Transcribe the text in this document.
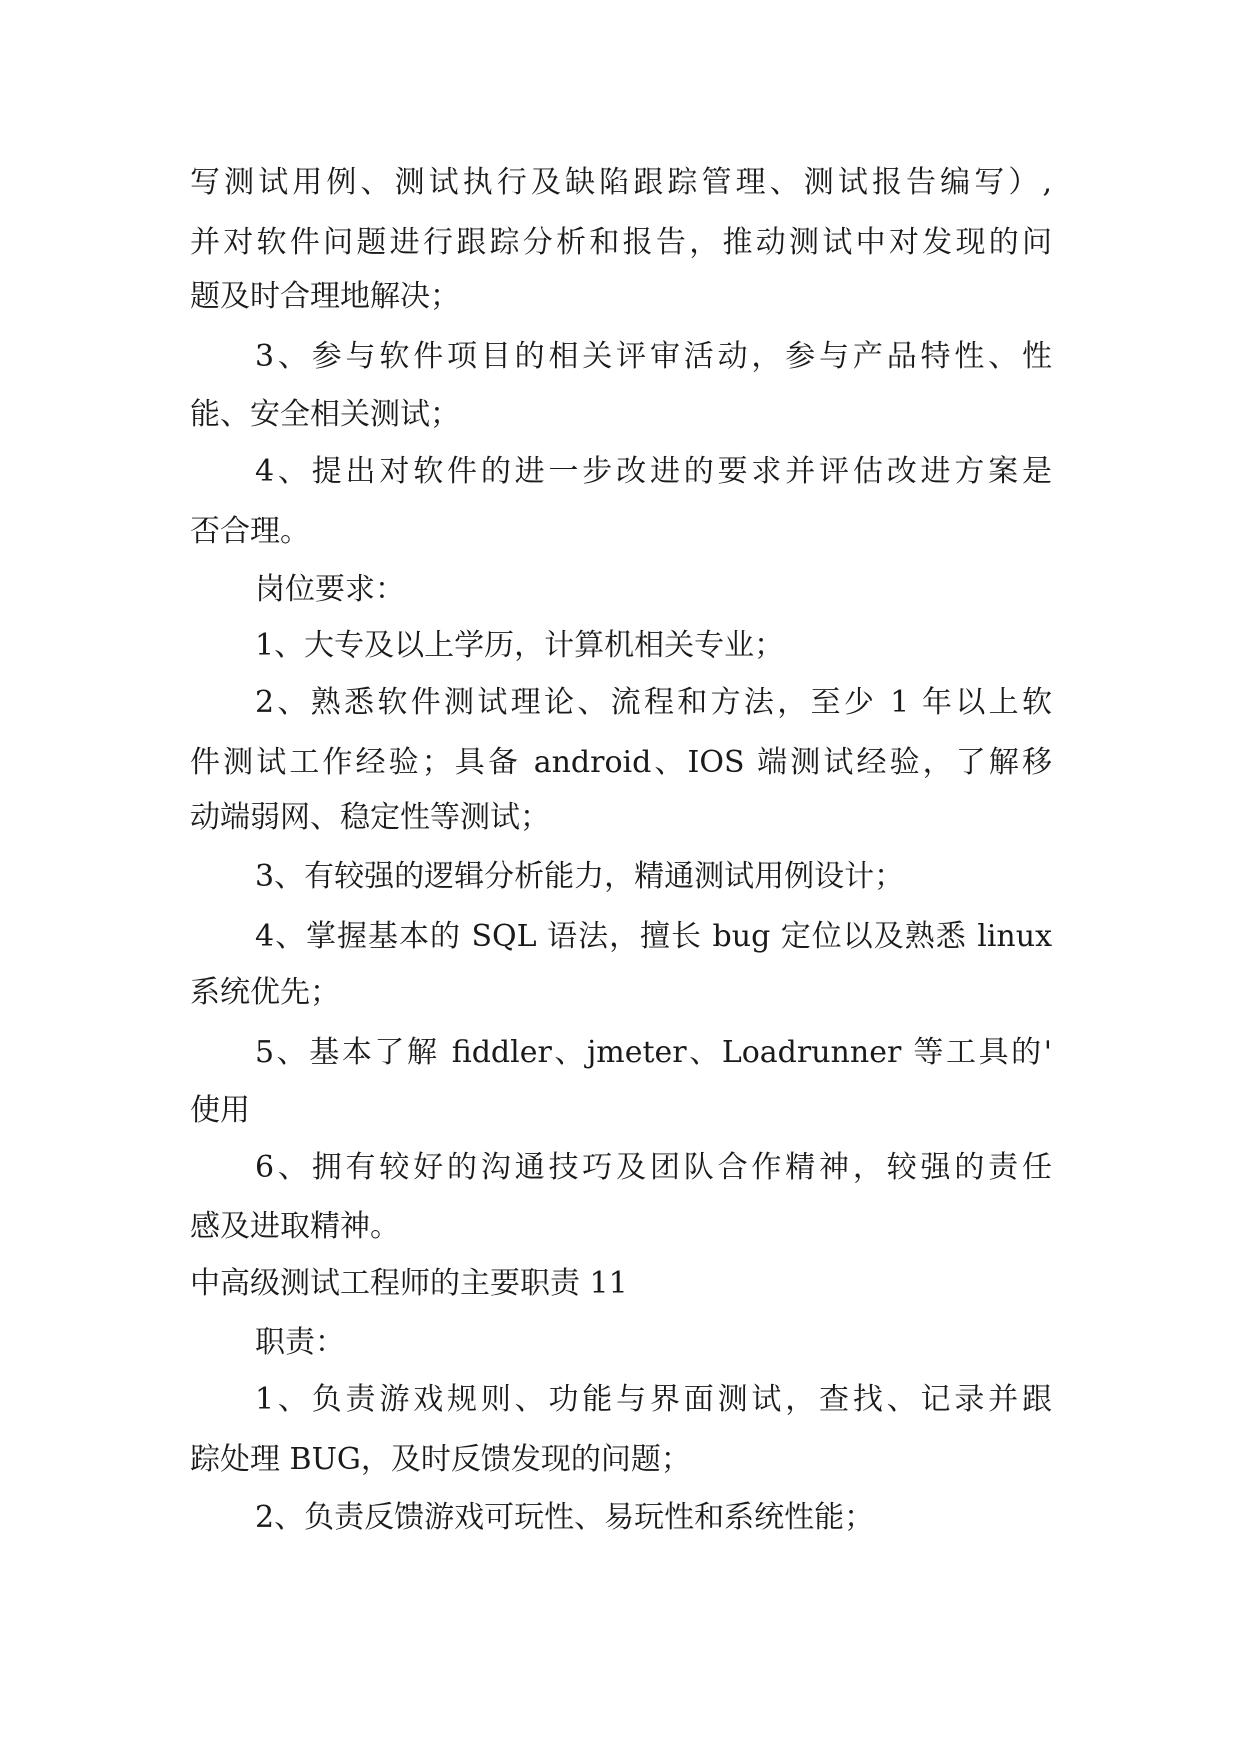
写测试用例、测试执行及缺陷跟踪管理、测试报告编写）,
并对软件问题进行跟踪分析和报告，推动测试中对发现的问
题及时合理地解决；
3、参与软件项目的相关评审活动，参与产品特性、性
能、安全相关测试；
4、提出对软件的进一步改进的要求并评估改进方案是
否合理。
岗位要求：
1、大专及以上学历，计算机相关专业；
2、熟悉软件测试理论、流程和方法，至少 1 年以上软
件测试工作经验；具备 android、IOS 端测试经验，了解移
动端弱网、稳定性等测试；
3、有较强的逻辑分析能力，精通测试用例设计；
4、掌握基本的 SQL 语法，擅长 bug 定位以及熟悉 linux
系统优先；
5、基本了解 fiddler、jmeter、Loadrunner 等工具的'
使用
6、拥有较好的沟通技巧及团队合作精神，较强的责任
感及进取精神。
中高级测试工程师的主要职责 11
职责：
1、负责游戏规则、功能与界面测试，查找、记录并跟
踪处理 BUG，及时反馈发现的问题；
2、负责反馈游戏可玩性、易玩性和系统性能；
